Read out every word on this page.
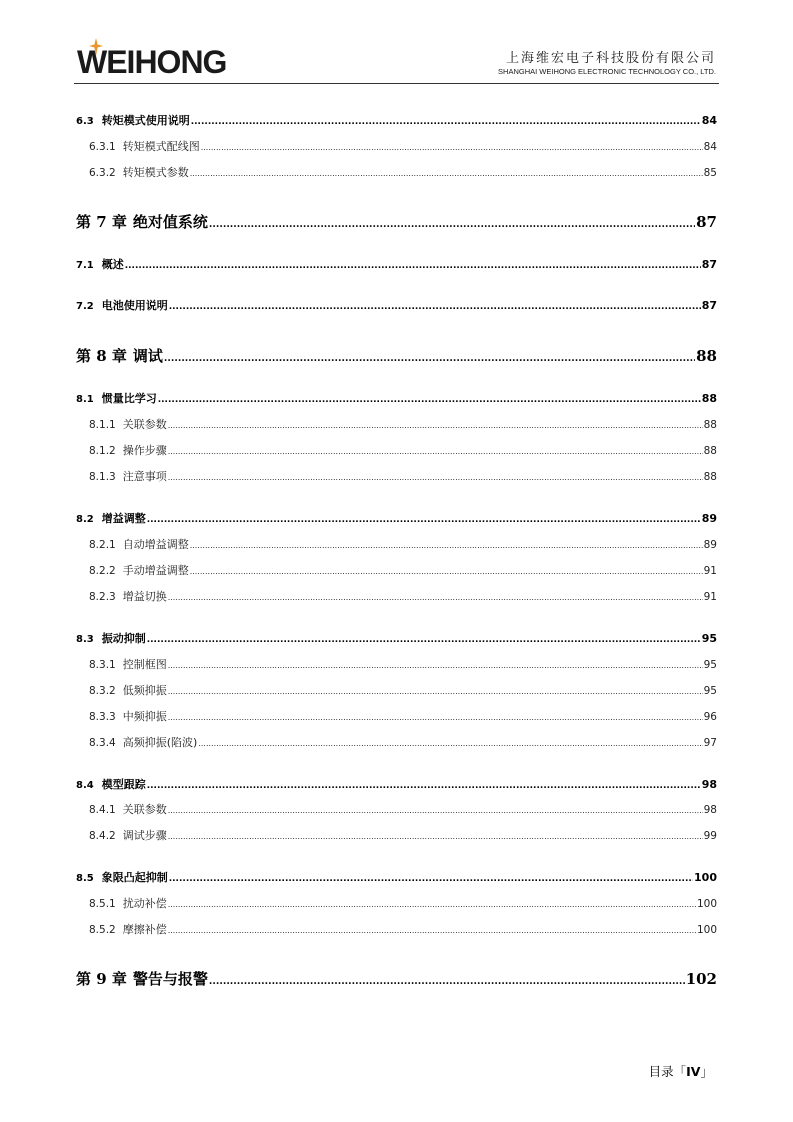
WEIHONG	上海维宏电子科技股份有限公司
SHANGHAI WEIHONG ELECTRONIC TECHNOLOGY CO., LTD.
6.3 转矩模式使用说明 .....	84
6.3.1 转矩模式配线图 .....	84
6.3.2 转矩模式参数 .....	85
第 7 章 绝对值系统 .....	87
7.1 概述 .....	87
7.2 电池使用说明 .....	87
第 8 章 调试 .....	88
8.1 惯量比学习 .....	88
8.1.1 关联参数 .....	88
8.1.2 操作步骤 .....	88
8.1.3 注意事项 .....	88
8.2 增益调整 .....	89
8.2.1 自动增益调整 .....	89
8.2.2 手动增益调整 .....	91
8.2.3 增益切换 .....	91
8.3 振动抑制 .....	95
8.3.1 控制框图 .....	95
8.3.2 低频抑振 .....	95
8.3.3 中频抑振 .....	96
8.3.4 高频抑振(陷波) .....	97
8.4 模型跟踪 .....	98
8.4.1 关联参数 .....	98
8.4.2 调试步骤 .....	99
8.5 象限凸起抑制 .....	100
8.5.1 扰动补偿 .....	100
8.5.2 摩擦补偿 .....	100
第 9 章 警告与报警 .....	102
目录「IV」
